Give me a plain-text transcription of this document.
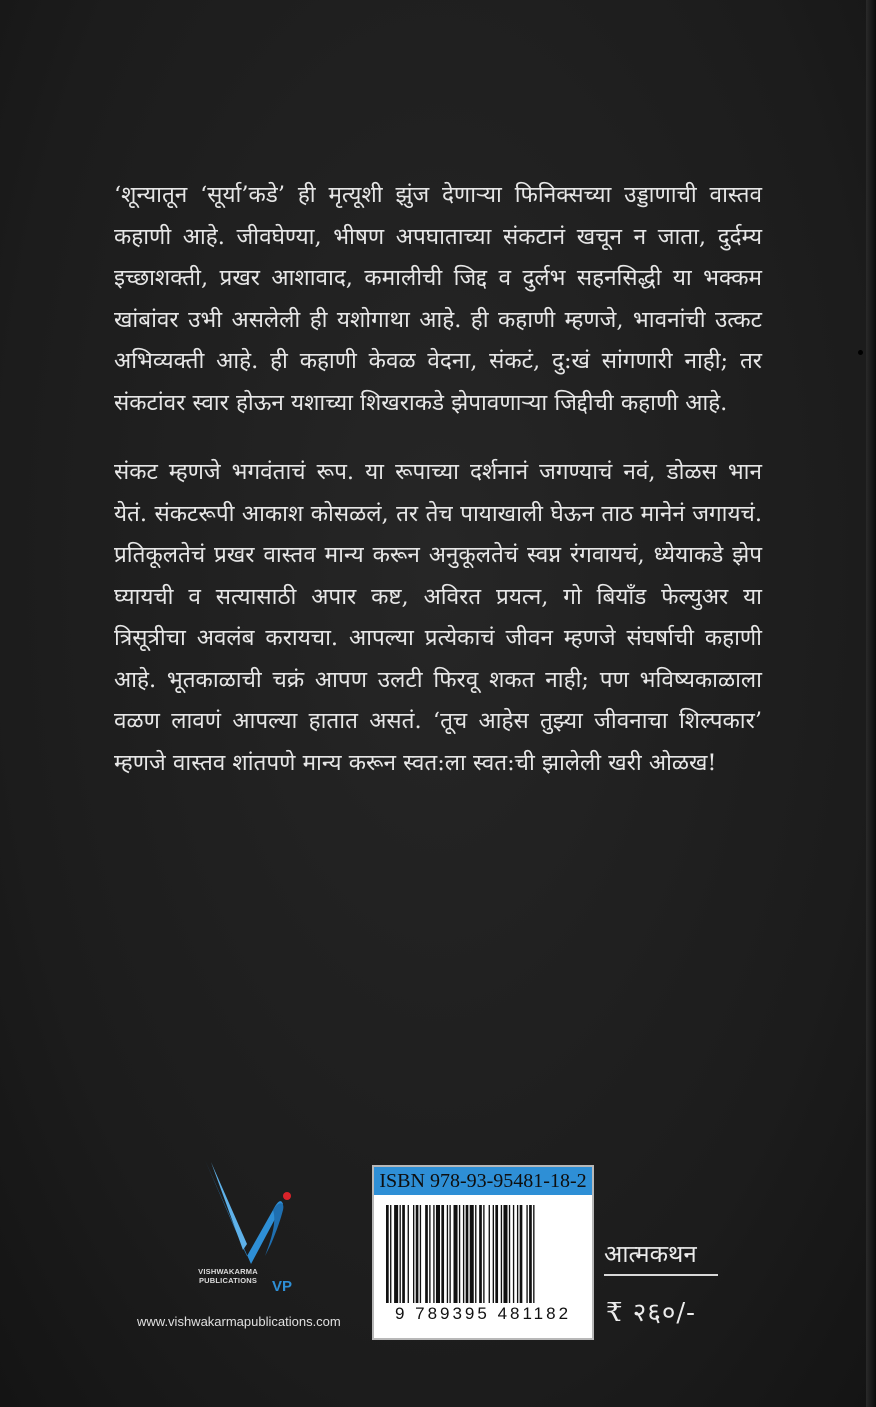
‘शून्यातून ‘सूर्या’कडे’ ही मृत्यूशी झुंज देणाऱ्या फिनिक्सच्या उड्डाणाची वास्तव कहाणी आहे. जीवघेण्या, भीषण अपघाताच्या संकटानं खचून न जाता, दुर्दम्य इच्छाशक्ती, प्रखर आशावाद, कमालीची जिद्द व दुर्लभ सहनसिद्धी या भक्कम खांबांवर उभी असलेली ही यशोगाथा आहे. ही कहाणी म्हणजे, भावनांची उत्कट अभिव्यक्ती आहे. ही कहाणी केवळ वेदना, संकटं, दु:खं सांगणारी नाही; तर संकटांवर स्वार होऊन यशाच्या शिखराकडे झेपावणाऱ्या जिद्दीची कहाणी आहे.

संकट म्हणजे भगवंताचं रूप. या रूपाच्या दर्शनानं जगण्याचं नवं, डोळस भान येतं. संकटरूपी आकाश कोसळलं, तर तेच पायाखाली घेऊन ताठ मानेनं जगायचं. प्रतिकूलतेचं प्रखर वास्तव मान्य करून अनुकूलतेचं स्वप्न रंगवायचं, ध्येयाकडे झेप घ्यायची व सत्यासाठी अपार कष्ट, अविरत प्रयत्न, गो बियाँड फेल्युअर या त्रिसूत्रीचा अवलंब करायचा. आपल्या प्रत्येकाचं जीवन म्हणजे संघर्षाची कहाणी आहे. भूतकाळाची चक्रं आपण उलटी फिरवू शकत नाही; पण भविष्यकाळाला वळण लावणं आपल्या हातात असतं. ‘तूच आहेस तुझ्या जीवनाचा शिल्पकार’ म्हणजे वास्तव शांतपणे मान्य करून स्वत:ला स्वत:ची झालेली खरी ओळख!

VISHWAKARMA
PUBLICATIONS VP
www.vishwakarmapublications.com
ISBN 978-93-95481-18-2
9 789395 481182
आत्मकथन
₹ २६०/-
